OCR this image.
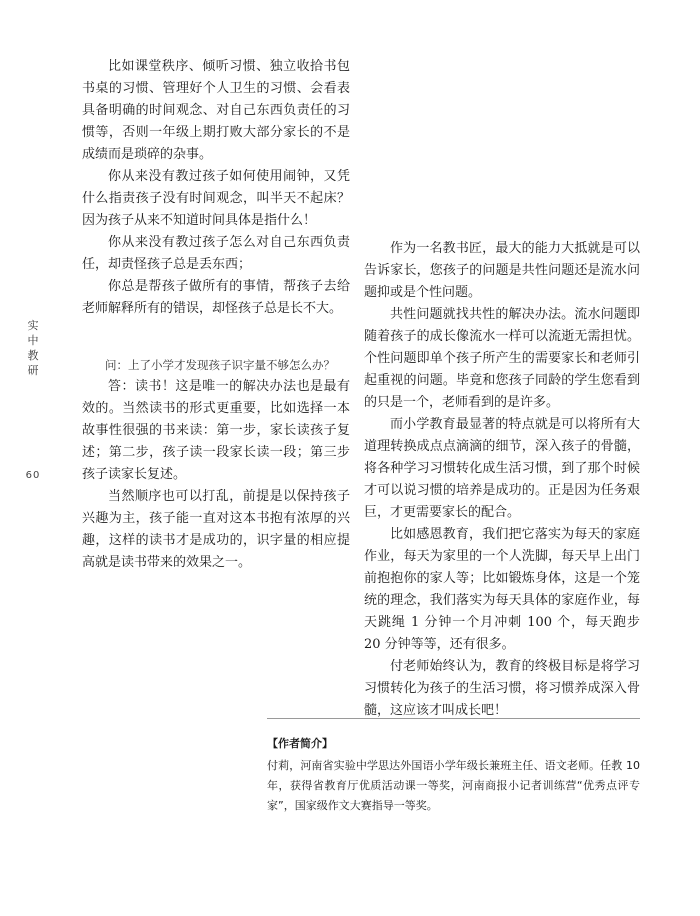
实
中
教
研
60

比如课堂秩序、倾听习惯、独立收拾书包书桌的习惯、管理好个人卫生的习惯、会看表具备明确的时间观念、对自己东西负责任的习惯等，否则一年级上期打败大部分家长的不是成绩而是琐碎的杂事。

你从来没有教过孩子如何使用闹钟，又凭什么指责孩子没有时间观念，叫半天不起床？因为孩子从来不知道时间具体是指什么！

你从来没有教过孩子怎么对自己东西负责任，却责怪孩子总是丢东西；

你总是帮孩子做所有的事情，帮孩子去给老师解释所有的错误，却怪孩子总是长不大。

问：上了小学才发现孩子识字量不够怎么办？

答：读书！这是唯一的解决办法也是最有效的。当然读书的形式更重要，比如选择一本故事性很强的书来读：第一步，家长读孩子复述；第二步，孩子读一段家长读一段；第三步孩子读家长复述。

当然顺序也可以打乱，前提是以保持孩子兴趣为主，孩子能一直对这本书抱有浓厚的兴趣，这样的读书才是成功的，识字量的相应提高就是读书带来的效果之一。

作为一名教书匠，最大的能力大抵就是可以告诉家长，您孩子的问题是共性问题还是流水问题抑或是个性问题。

共性问题就找共性的解决办法。流水问题即随着孩子的成长像流水一样可以流逝无需担忧。个性问题即单个孩子所产生的需要家长和老师引起重视的问题。毕竟和您孩子同龄的学生您看到的只是一个，老师看到的是许多。

而小学教育最显著的特点就是可以将所有大道理转换成点点滴滴的细节，深入孩子的骨髓，将各种学习习惯转化成生活习惯，到了那个时候才可以说习惯的培养是成功的。正是因为任务艰巨，才更需要家长的配合。

比如感恩教育，我们把它落实为每天的家庭作业，每天为家里的一个人洗脚，每天早上出门前抱抱你的家人等；比如锻炼身体，这是一个笼统的理念，我们落实为每天具体的家庭作业，每天跳绳 1 分钟一个月冲刺 100 个，每天跑步 20 分钟等等，还有很多。

付老师始终认为，教育的终极目标是将学习习惯转化为孩子的生活习惯，将习惯养成深入骨髓，这应该才叫成长吧！

【作者简介】

付莉，河南省实验中学思达外国语小学年级长兼班主任、语文老师。任教 10 年，获得省教育厅优质活动课一等奖，河南商报小记者训练营“优秀点评专家”，国家级作文大赛指导一等奖。
